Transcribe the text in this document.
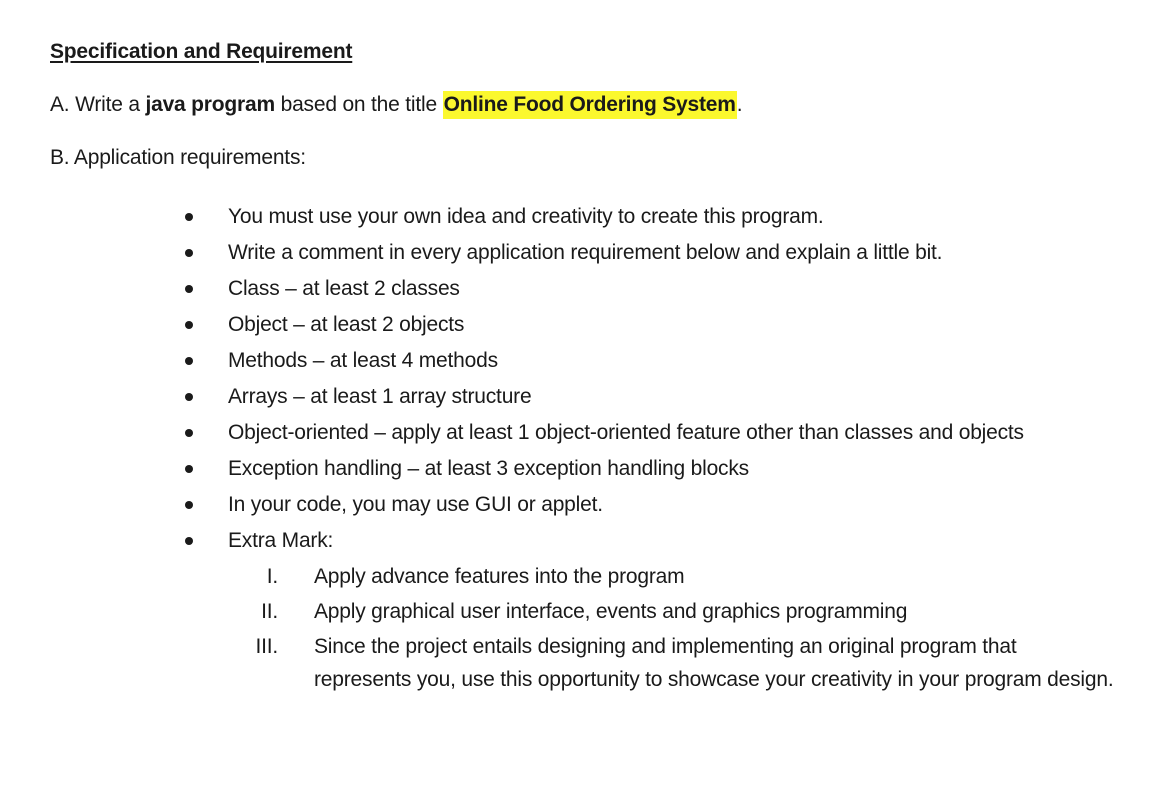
Specification and Requirement
A. Write a java program based on the title Online Food Ordering System.
B. Application requirements:
You must use your own idea and creativity to create this program.
Write a comment in every application requirement below and explain a little bit.
Class – at least 2 classes
Object – at least 2 objects
Methods – at least 4 methods
Arrays – at least 1 array structure
Object-oriented – apply at least 1 object-oriented feature other than classes and objects
Exception handling – at least 3 exception handling blocks
In your code, you may use GUI or applet.
Extra Mark:
I. Apply advance features into the program
II. Apply graphical user interface, events and graphics programming
III. Since the project entails designing and implementing an original program that represents you, use this opportunity to showcase your creativity in your program design.
